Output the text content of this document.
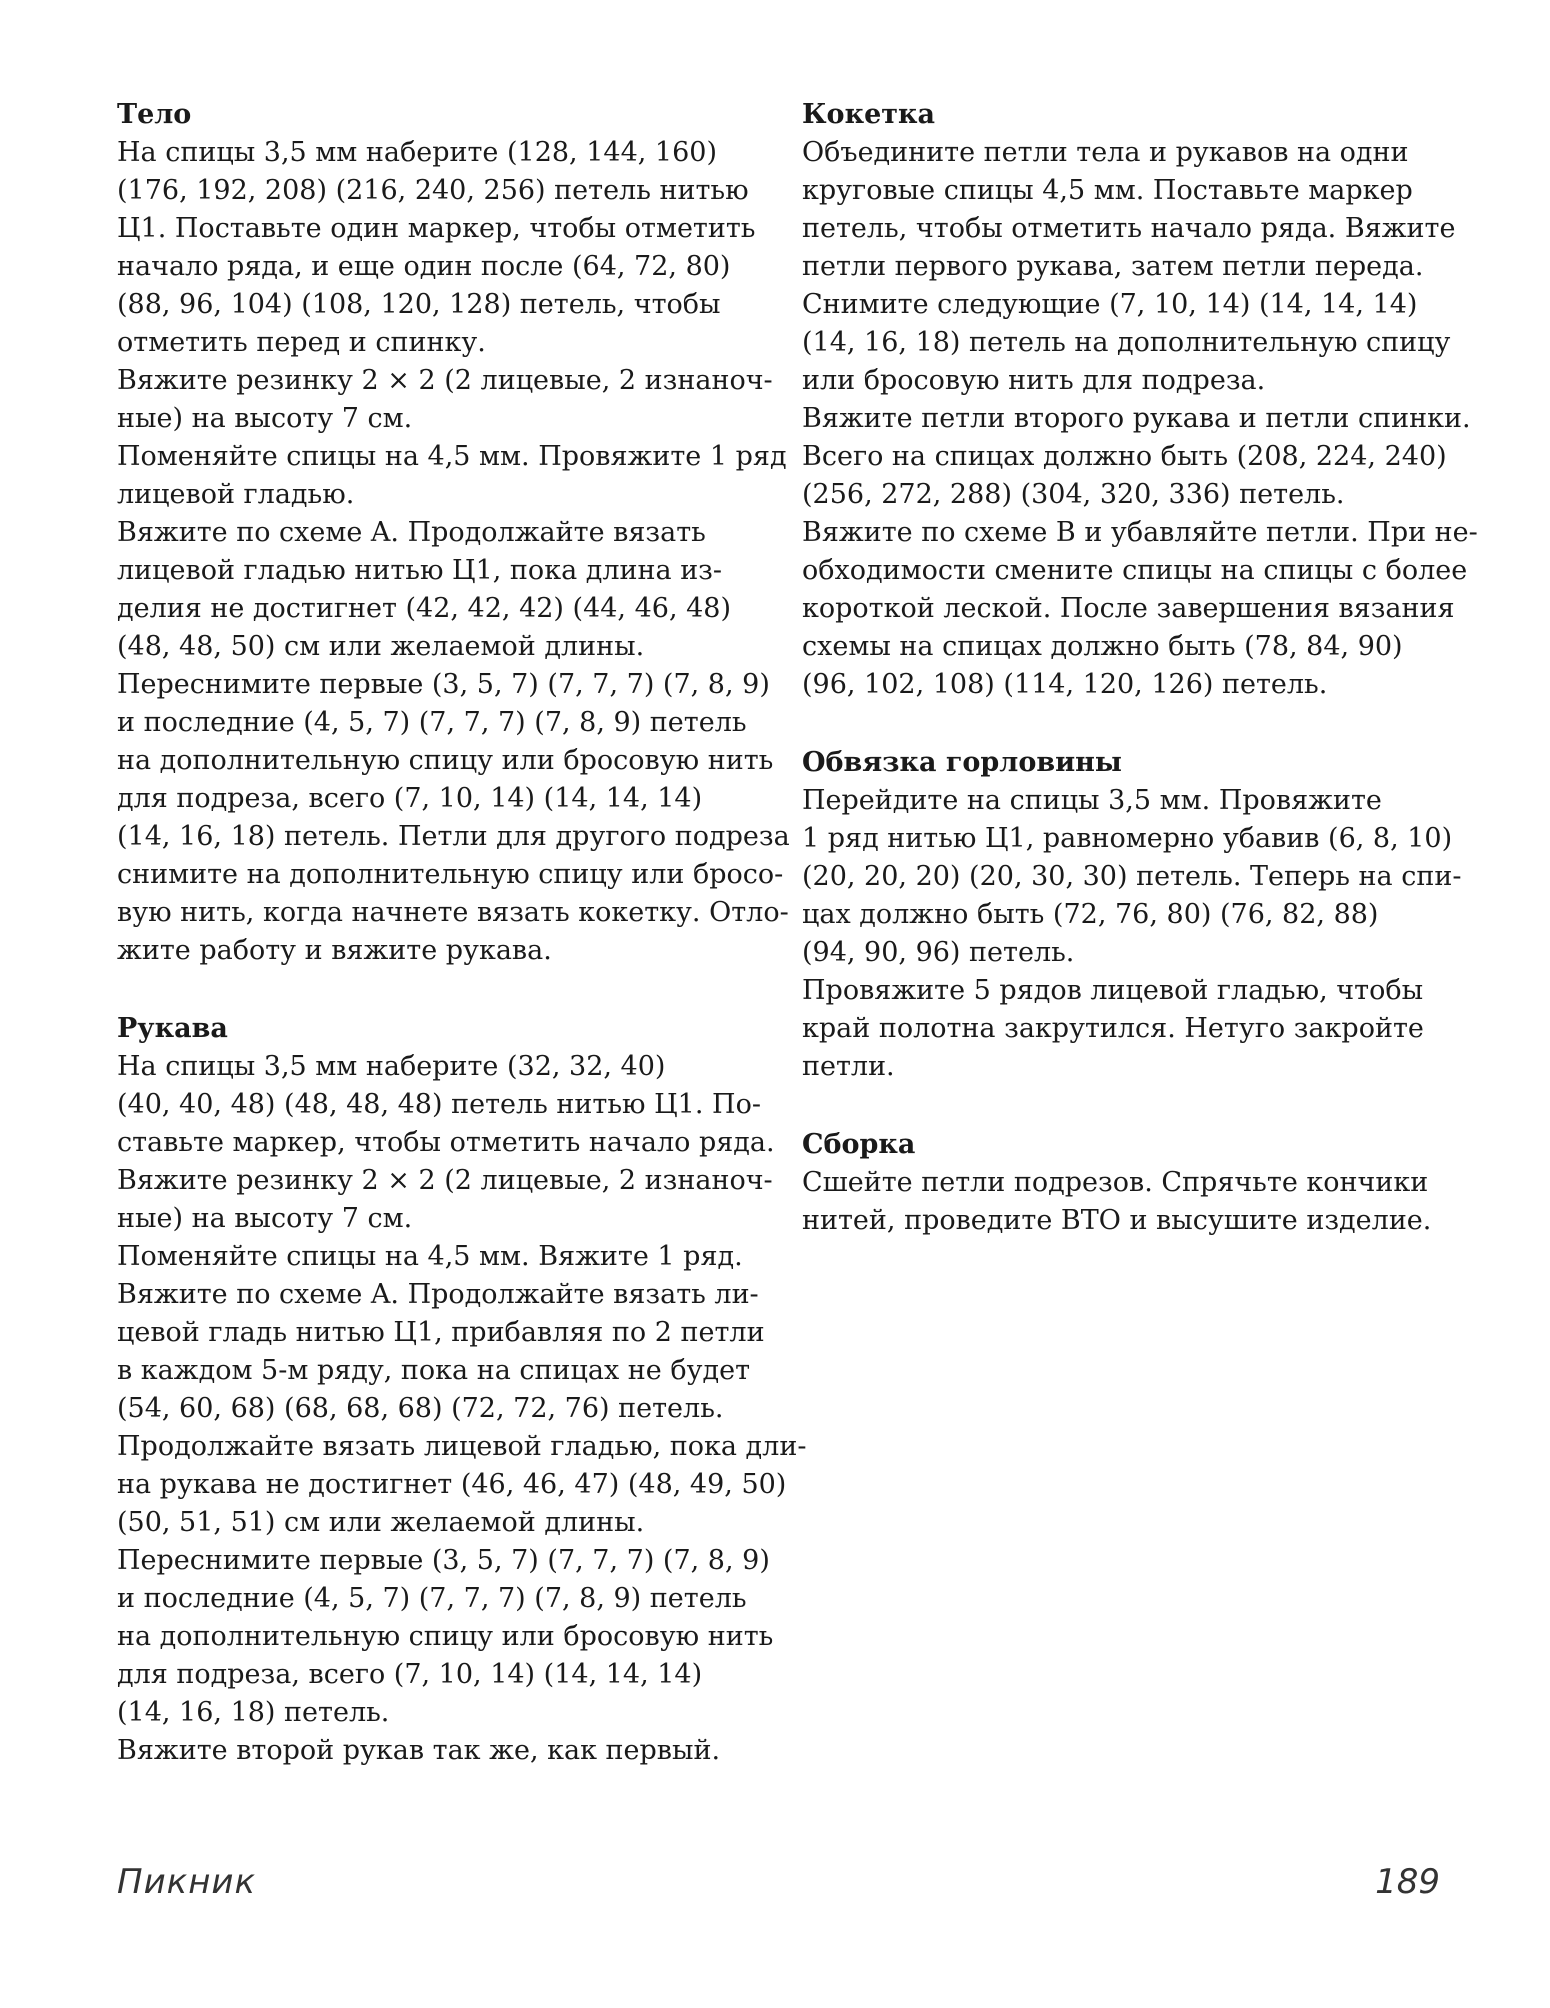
Тело
На спицы 3,5 мм наберите (128, 144, 160)
(176, 192, 208) (216, 240, 256) петель нитью
Ц1. Поставьте один маркер, чтобы отметить
начало ряда, и еще один после (64, 72, 80)
(88, 96, 104) (108, 120, 128) петель, чтобы
отметить перед и спинку.
Вяжите резинку 2 × 2 (2 лицевые, 2 изнаноч-
ные) на высоту 7 см.
Поменяйте спицы на 4,5 мм. Провяжите 1 ряд
лицевой гладью.
Вяжите по схеме A. Продолжайте вязать
лицевой гладью нитью Ц1, пока длина из-
делия не достигнет (42, 42, 42) (44, 46, 48)
(48, 48, 50) см или желаемой длины.
Переснимите первые (3, 5, 7) (7, 7, 7) (7, 8, 9)
и последние (4, 5, 7) (7, 7, 7) (7, 8, 9) петель
на дополнительную спицу или бросовую нить
для подреза, всего (7, 10, 14) (14, 14, 14)
(14, 16, 18) петель. Петли для другого подреза
снимите на дополнительную спицу или бросо-
вую нить, когда начнете вязать кокетку. Отло-
жите работу и вяжите рукава.
Рукава
На спицы 3,5 мм наберите (32, 32, 40)
(40, 40, 48) (48, 48, 48) петель нитью Ц1. По-
ставьте маркер, чтобы отметить начало ряда.
Вяжите резинку 2 × 2 (2 лицевые, 2 изнаноч-
ные) на высоту 7 см.
Поменяйте спицы на 4,5 мм. Вяжите 1 ряд.
Вяжите по схеме A. Продолжайте вязать ли-
цевой гладь нитью Ц1, прибавляя по 2 петли
в каждом 5-м ряду, пока на спицах не будет
(54, 60, 68) (68, 68, 68) (72, 72, 76) петель.
Продолжайте вязать лицевой гладью, пока дли-
на рукава не достигнет (46, 46, 47) (48, 49, 50)
(50, 51, 51) см или желаемой длины.
Переснимите первые (3, 5, 7) (7, 7, 7) (7, 8, 9)
и последние (4, 5, 7) (7, 7, 7) (7, 8, 9) петель
на дополнительную спицу или бросовую нить
для подреза, всего (7, 10, 14) (14, 14, 14)
(14, 16, 18) петель.
Вяжите второй рукав так же, как первый.
Кокетка
Объедините петли тела и рукавов на одни
круговые спицы 4,5 мм. Поставьте маркер
петель, чтобы отметить начало ряда. Вяжите
петли первого рукава, затем петли переда.
Снимите следующие (7, 10, 14) (14, 14, 14)
(14, 16, 18) петель на дополнительную спицу
или бросовую нить для подреза.
Вяжите петли второго рукава и петли спинки.
Всего на спицах должно быть (208, 224, 240)
(256, 272, 288) (304, 320, 336) петель.
Вяжите по схеме B и убавляйте петли. При не-
обходимости смените спицы на спицы с более
короткой леской. После завершения вязания
схемы на спицах должно быть (78, 84, 90)
(96, 102, 108) (114, 120, 126) петель.
Обвязка горловины
Перейдите на спицы 3,5 мм. Провяжите
1 ряд нитью Ц1, равномерно убавив (6, 8, 10)
(20, 20, 20) (20, 30, 30) петель. Теперь на спи-
цах должно быть (72, 76, 80) (76, 82, 88)
(94, 90, 96) петель.
Провяжите 5 рядов лицевой гладью, чтобы
край полотна закрутился. Нетуго закройте
петли.
Сборка
Сшейте петли подрезов. Спрячьте кончики
нитей, проведите ВТО и высушите изделие.
Пикник	189
